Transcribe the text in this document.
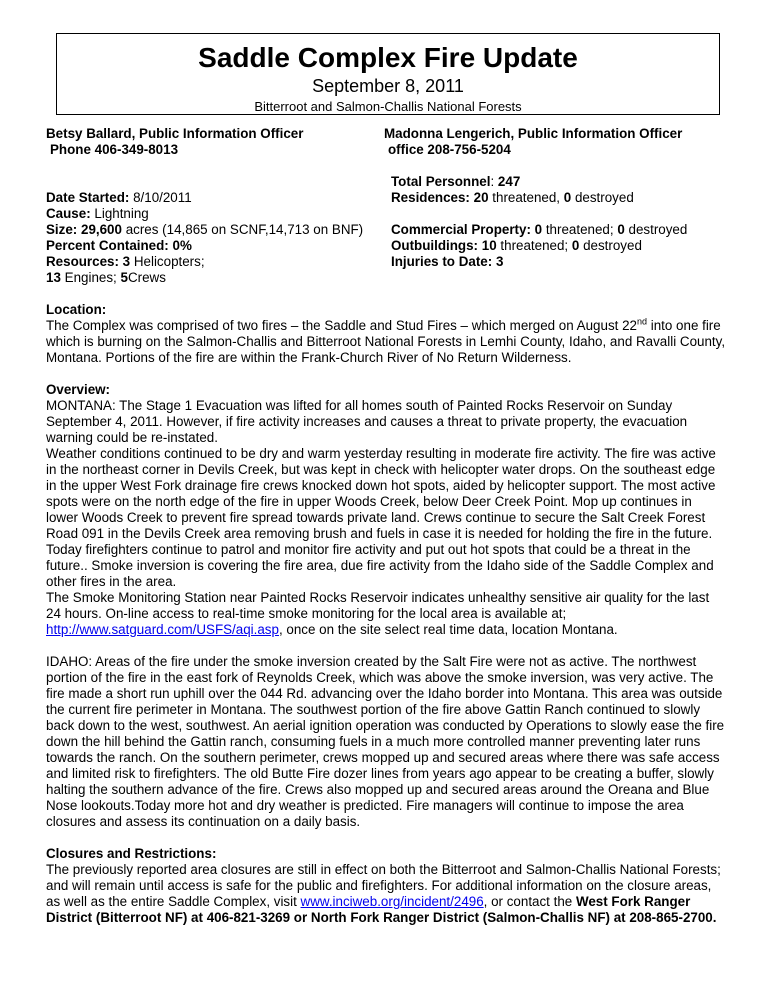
Saddle Complex Fire Update
September 8, 2011
Bitterroot and Salmon-Challis National Forests
Betsy Ballard, Public Information Officer
Phone 406-349-8013
Madonna Lengerich, Public Information Officer
office 208-756-5204
Date Started: 8/10/2011
Cause: Lightning
Size: 29,600 acres (14,865 on SCNF,14,713 on BNF)
Percent Contained: 0%
Resources: 3 Helicopters;
13 Engines; 5Crews
Total Personnel: 247
Residences: 20 threatened, 0 destroyed
Commercial Property: 0 threatened; 0 destroyed
Outbuildings: 10 threatened; 0 destroyed
Injuries to Date: 3

Location:

The Complex was comprised of two fires – the Saddle and Stud Fires – which merged on August 22nd into one fire which is burning on the Salmon-Challis and Bitterroot National Forests in Lemhi County, Idaho, and Ravalli County, Montana. Portions of the fire are within the Frank-Church River of No Return Wilderness.

Overview:

MONTANA: The Stage 1 Evacuation was lifted for all homes south of Painted Rocks Reservoir on Sunday September 4, 2011. However, if fire activity increases and causes a threat to private property, the evacuation warning could be re-instated.

Weather conditions continued to be dry and warm yesterday resulting in moderate fire activity. The fire was active in the northeast corner in Devils Creek, but was kept in check with helicopter water drops. On the southeast edge in the upper West Fork drainage fire crews knocked down hot spots, aided by helicopter support. The most active spots were on the north edge of the fire in upper Woods Creek, below Deer Creek Point. Mop up continues in lower Woods Creek to prevent fire spread towards private land. Crews continue to secure the Salt Creek Forest Road 091 in the Devils Creek area removing brush and fuels in case it is needed for holding the fire in the future. Today firefighters continue to patrol and monitor fire activity and put out hot spots that could be a threat in the future.. Smoke inversion is covering the fire area, due fire activity from the Idaho side of the Saddle Complex and other fires in the area.

The Smoke Monitoring Station near Painted Rocks Reservoir indicates unhealthy sensitive air quality for the last 24 hours. On-line access to real-time smoke monitoring for the local area is available at;
http://www.satguard.com/USFS/aqi.asp, once on the site select real time data, location Montana.

IDAHO: Areas of the fire under the smoke inversion created by the Salt Fire were not as active. The northwest portion of the fire in the east fork of Reynolds Creek, which was above the smoke inversion, was very active. The fire made a short run uphill over the 044 Rd. advancing over the Idaho border into Montana. This area was outside the current fire perimeter in Montana. The southwest portion of the fire above Gattin Ranch continued to slowly back down to the west, southwest. An aerial ignition operation was conducted by Operations to slowly ease the fire down the hill behind the Gattin ranch, consuming fuels in a much more controlled manner preventing later runs towards the ranch. On the southern perimeter, crews mopped up and secured areas where there was safe access and limited risk to firefighters. The old Butte Fire dozer lines from years ago appear to be creating a buffer, slowly halting the southern advance of the fire. Crews also mopped up and secured areas around the Oreana and Blue Nose lookouts.Today more hot and dry weather is predicted. Fire managers will continue to impose the area closures and assess its continuation on a daily basis.

Closures and Restrictions:

The previously reported area closures are still in effect on both the Bitterroot and Salmon-Challis National Forests; and will remain until access is safe for the public and firefighters. For additional information on the closure areas, as well as the entire Saddle Complex, visit www.inciweb.org/incident/2496, or contact the West Fork Ranger District (Bitterroot NF) at 406-821-3269 or North Fork Ranger District (Salmon-Challis NF) at 208-865-2700.
